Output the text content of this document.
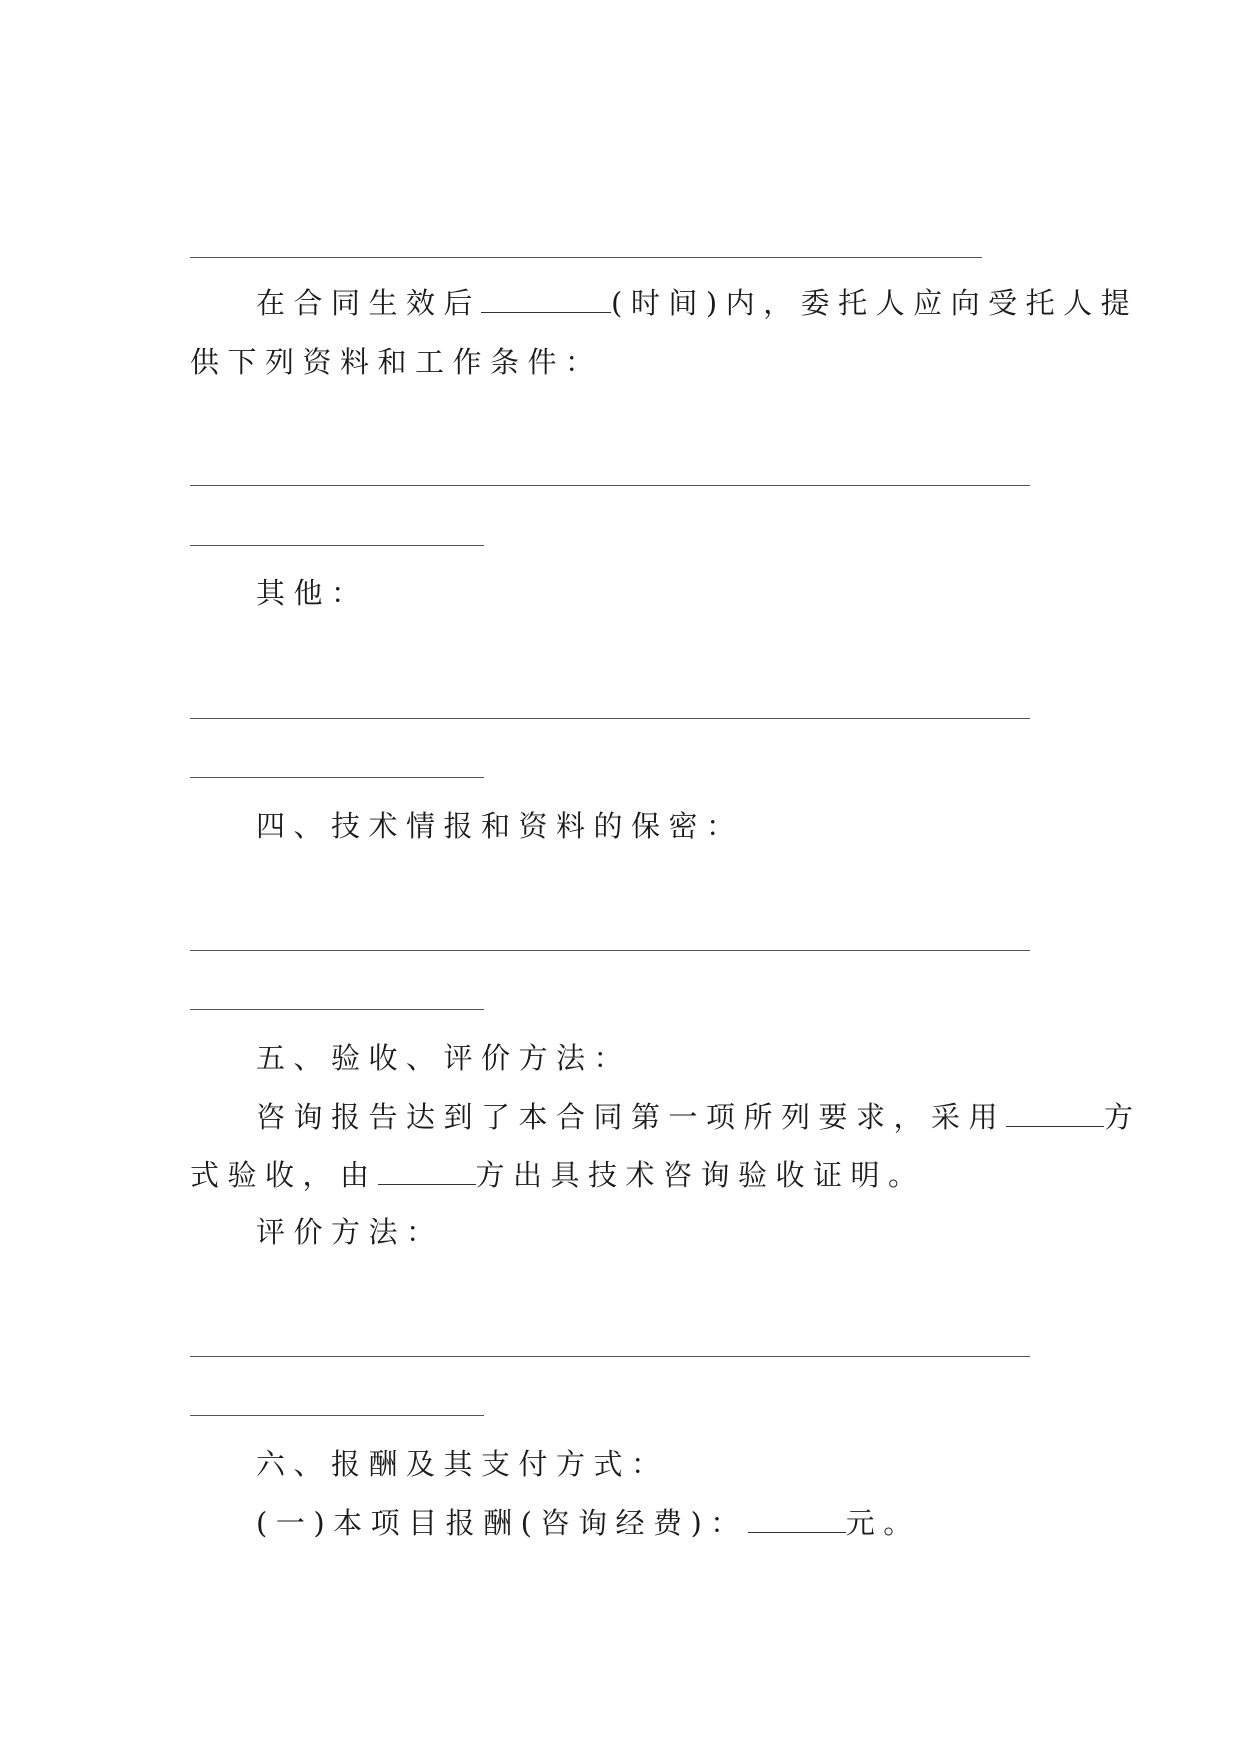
在合同生效后	(时间)内，委托人应向受托人提
供下列资料和工作条件：
其他：
四、技术情报和资料的保密：
五、验收、评价方法：
咨询报告达到了本合同第一项所列要求，采用	方
式验收，由	方出具技术咨询验收证明。
评价方法：
六、报酬及其支付方式：
(一)本项目报酬(咨询经费)：	元。
